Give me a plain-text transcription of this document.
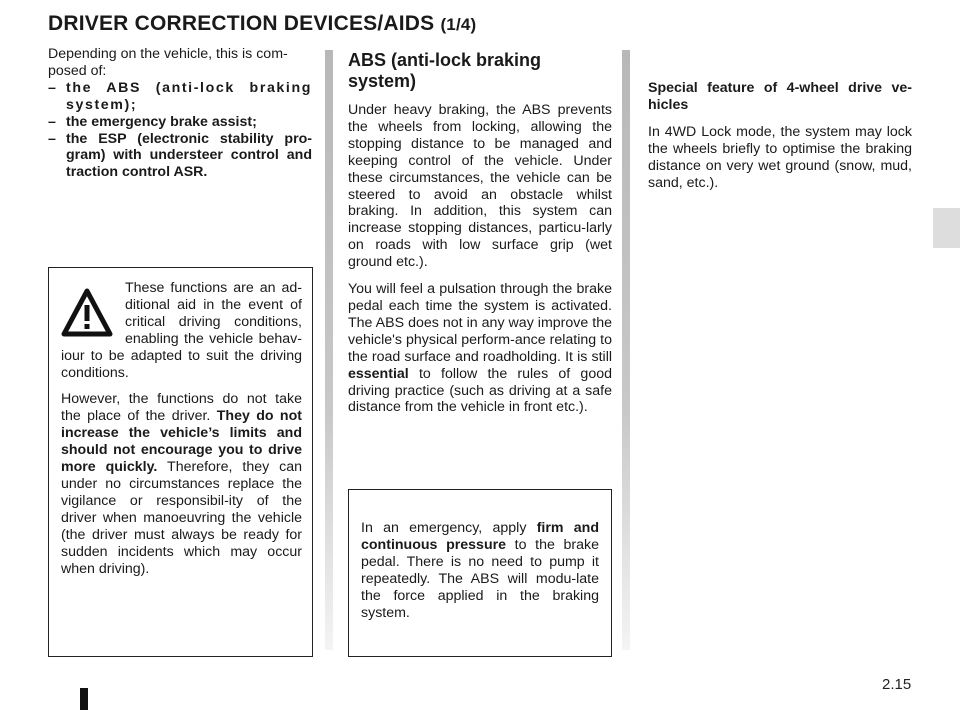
DRIVER CORRECTION DEVICES/AIDS (1/4)

Depending on the vehicle, this is com-posed of:

– the ABS (anti-lock braking system);
– the emergency brake assist;
– the ESP (electronic stability pro-gram) with understeer control and traction control ASR.

These functions are an ad-ditional aid in the event of critical driving conditions, enabling the vehicle behav-iour to be adapted to suit the driving conditions.

However, the functions do not take the place of the driver. They do not increase the vehicle’s limits and should not encourage you to drive more quickly. Therefore, they can under no circumstances replace the vigilance or responsibil-ity of the driver when manoeuvring the vehicle (the driver must always be ready for sudden incidents which may occur when driving).

ABS (anti-lock braking system)

Under heavy braking, the ABS prevents the wheels from locking, allowing the stopping distance to be managed and keeping control of the vehicle. Under these circumstances, the vehicle can be steered to avoid an obstacle whilst braking. In addition, this system can increase stopping distances, particu-larly on roads with low surface grip (wet ground etc.).

You will feel a pulsation through the brake pedal each time the system is activated. The ABS does not in any way improve the vehicle's physical perform-ance relating to the road surface and roadholding. It is still essential to follow the rules of good driving practice (such as driving at a safe distance from the vehicle in front etc.).

In an emergency, apply firm and continuous pressure to the brake pedal. There is no need to pump it repeatedly. The ABS will modu-late the force applied in the braking system.

Special feature of 4-wheel drive ve-hicles

In 4WD Lock mode, the system may lock the wheels briefly to optimise the braking distance on very wet ground (snow, mud, sand, etc.).

2.15
